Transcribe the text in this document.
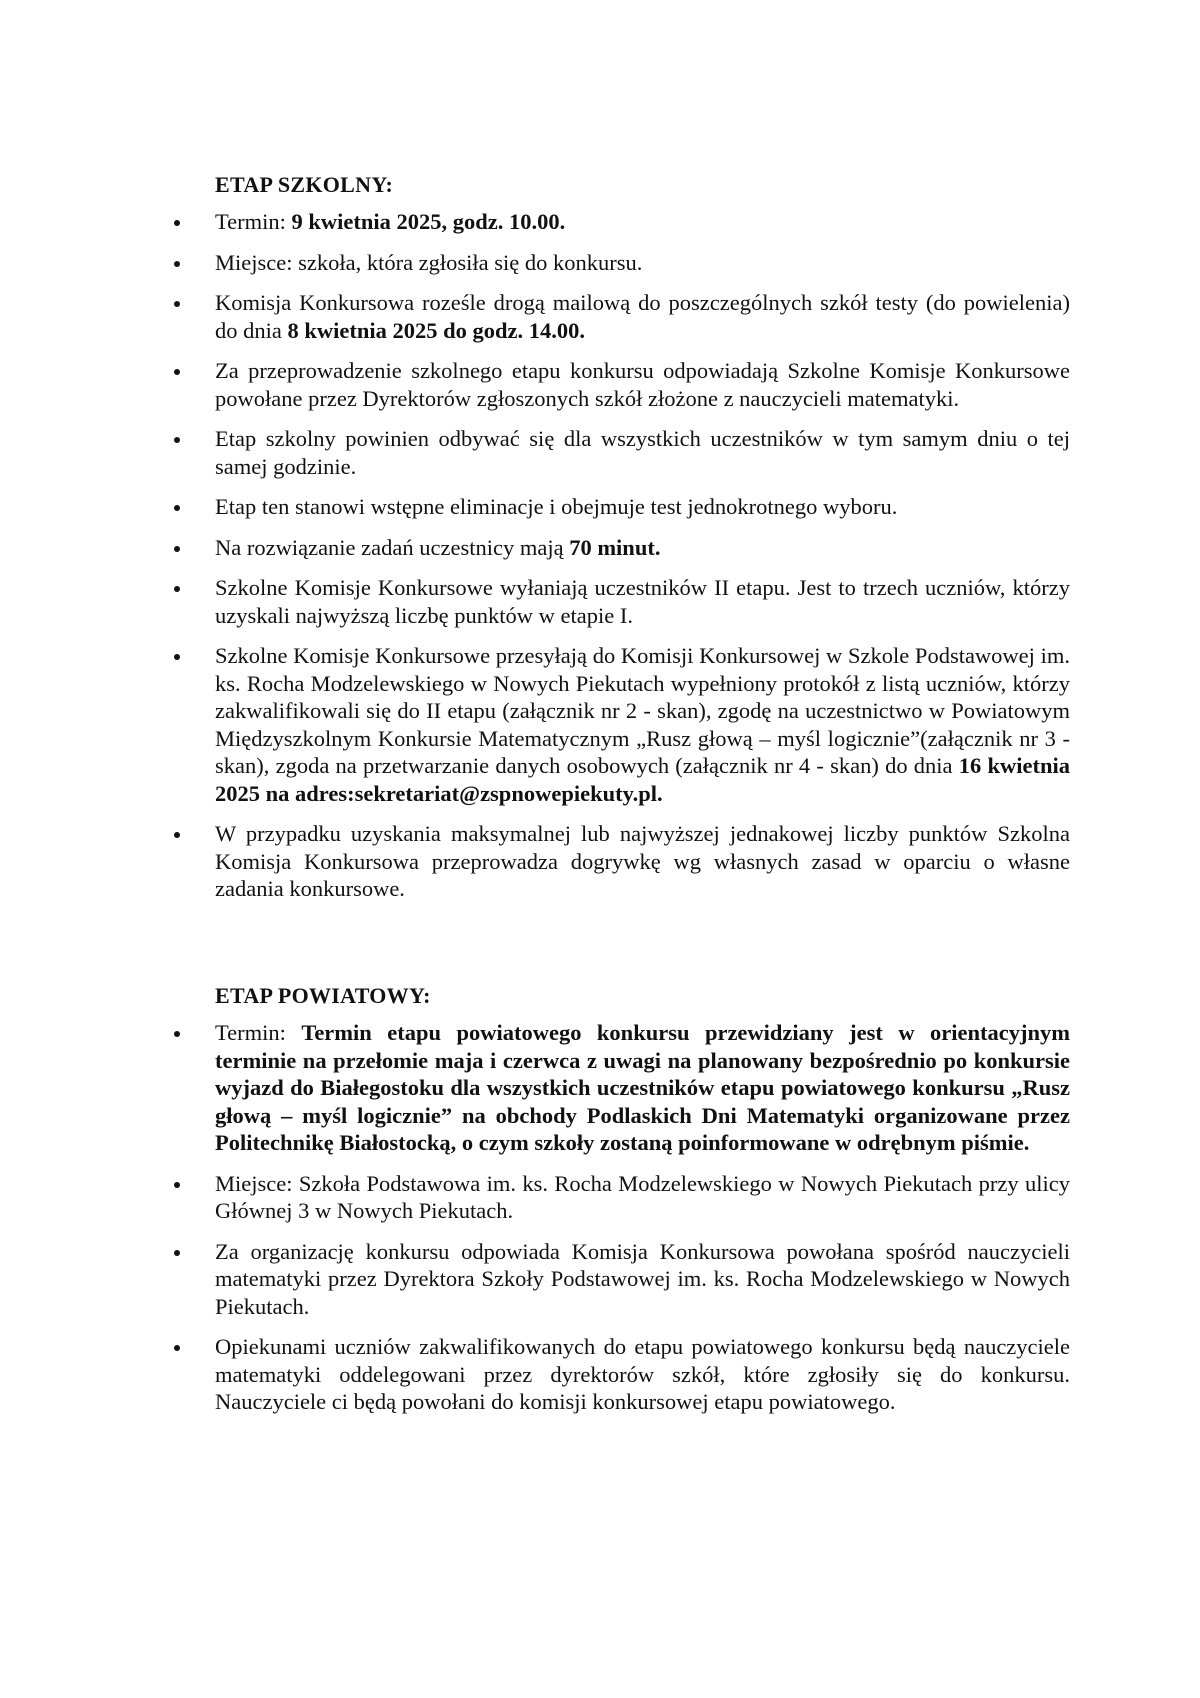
ETAP SZKOLNY:
Termin: 9 kwietnia 2025, godz. 10.00.
Miejsce: szkoła, która zgłosiła się do konkursu.
Komisja Konkursowa roześle drogą mailową do poszczególnych szkół testy (do powielenia) do dnia 8 kwietnia 2025 do godz. 14.00.
Za przeprowadzenie szkolnego etapu konkursu odpowiadają Szkolne Komisje Konkursowe powołane przez Dyrektorów zgłoszonych szkół złożone z nauczycieli matematyki.
Etap szkolny powinien odbywać się dla wszystkich uczestników w tym samym dniu o tej samej godzinie.
Etap ten stanowi wstępne eliminacje i obejmuje test jednokrotnego wyboru.
Na rozwiązanie zadań uczestnicy mają 70 minut.
Szkolne Komisje Konkursowe wyłaniają uczestników II etapu. Jest to trzech uczniów, którzy uzyskali najwyższą liczbę punktów w etapie I.
Szkolne Komisje Konkursowe przesyłają do Komisji Konkursowej w Szkole Podstawowej im. ks. Rocha Modzelewskiego w Nowych Piekutach wypełniony protokół z listą uczniów, którzy zakwalifikowali się do II etapu (załącznik nr 2 - skan), zgodę na uczestnictwo w Powiatowym Międzyszkolnym Konkursie Matematycznym „Rusz głową – myśl logicznie”(załącznik nr 3 - skan), zgoda na przetwarzanie danych osobowych (załącznik nr 4 - skan) do dnia 16 kwietnia 2025 na adres:sekretariat@zspnowepiekuty.pl.
W przypadku uzyskania maksymalnej lub najwyższej jednakowej liczby punktów Szkolna Komisja Konkursowa przeprowadza dogrywkę wg własnych zasad w oparciu o własne zadania konkursowe.
ETAP POWIATOWY:
Termin: Termin etapu powiatowego konkursu przewidziany jest w orientacyjnym terminie na przełomie maja i czerwca z uwagi na planowany bezpośrednio po konkursie wyjazd do Białegostoku dla wszystkich uczestników etapu powiatowego konkursu „Rusz głową – myśl logicznie” na obchody Podlaskich Dni Matematyki organizowane przez Politechnikę Białostocką, o czym szkoły zostaną poinformowane w odrębnym piśmie.
Miejsce: Szkoła Podstawowa im. ks. Rocha Modzelewskiego w Nowych Piekutach przy ulicy Głównej 3 w Nowych Piekutach.
Za organizację konkursu odpowiada Komisja Konkursowa powołana spośród nauczycieli matematyki przez Dyrektora Szkoły Podstawowej im. ks. Rocha Modzelewskiego w Nowych Piekutach.
Opiekunami uczniów zakwalifikowanych do etapu powiatowego konkursu będą nauczyciele matematyki oddelegowani przez dyrektorów szkół, które zgłosiły się do konkursu. Nauczyciele ci będą powołani do komisji konkursowej etapu powiatowego.
